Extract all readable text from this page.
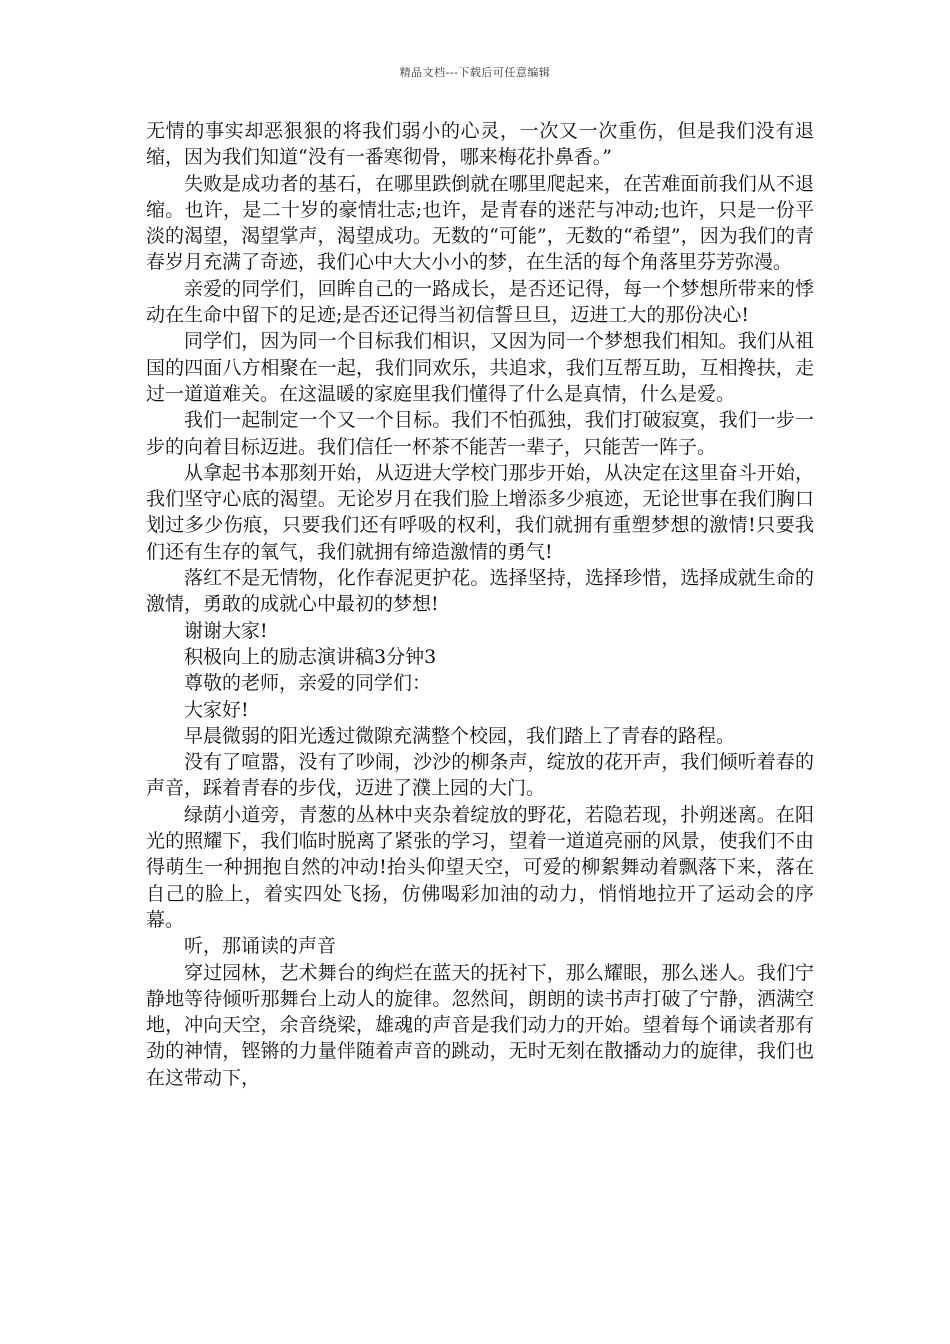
精品文档---下载后可任意编辑

无情的事实却恶狠狠的将我们弱小的心灵，一次又一次重伤，但是我们没有退缩，因为我们知道“没有一番寒彻骨，哪来梅花扑鼻香。”

失败是成功者的基石，在哪里跌倒就在哪里爬起来，在苦难面前我们从不退缩。也许，是二十岁的豪情壮志;也许，是青春的迷茫与冲动;也许，只是一份平淡的渴望，渴望掌声，渴望成功。无数的“可能”，无数的“希望”，因为我们的青春岁月充满了奇迹，我们心中大大小小的梦，在生活的每个角落里芬芳弥漫。

亲爱的同学们，回眸自己的一路成长，是否还记得，每一个梦想所带来的悸动在生命中留下的足迹;是否还记得当初信誓旦旦，迈进工大的那份决心!

同学们，因为同一个目标我们相识，又因为同一个梦想我们相知。我们从祖国的四面八方相聚在一起，我们同欢乐，共追求，我们互帮互助，互相搀扶，走过一道道难关。在这温暖的家庭里我们懂得了什么是真情，什么是爱。

我们一起制定一个又一个目标。我们不怕孤独，我们打破寂寞，我们一步一步的向着目标迈进。我们信任一杯茶不能苦一辈子，只能苦一阵子。

从拿起书本那刻开始，从迈进大学校门那步开始，从决定在这里奋斗开始，我们坚守心底的渴望。无论岁月在我们脸上增添多少痕迹，无论世事在我们胸口划过多少伤痕，只要我们还有呼吸的权利，我们就拥有重塑梦想的激情!只要我们还有生存的氧气，我们就拥有缔造激情的勇气!

落红不是无情物，化作春泥更护花。选择坚持，选择珍惜，选择成就生命的激情，勇敢的成就心中最初的梦想!

谢谢大家!

积极向上的励志演讲稿3分钟3

尊敬的老师，亲爱的同学们：

大家好!

早晨微弱的阳光透过微隙充满整个校园，我们踏上了青春的路程。

没有了喧嚣，没有了吵闹，沙沙的柳条声，绽放的花开声，我们倾听着春的声音，踩着青春的步伐，迈进了濮上园的大门。

绿荫小道旁，青葱的丛林中夹杂着绽放的野花，若隐若现，扑朔迷离。在阳光的照耀下，我们临时脱离了紧张的学习，望着一道道亮丽的风景，使我们不由得萌生一种拥抱自然的冲动!抬头仰望天空，可爱的柳絮舞动着飘落下来，落在自己的脸上，着实四处飞扬，仿佛喝彩加油的动力，悄悄地拉开了运动会的序幕。

听，那诵读的声音

穿过园林，艺术舞台的绚烂在蓝天的抚衬下，那么耀眼，那么迷人。我们宁静地等待倾听那舞台上动人的旋律。忽然间，朗朗的读书声打破了宁静，洒满空地，冲向天空，余音绕梁，雄魂的声音是我们动力的开始。望着每个诵读者那有劲的神情，铿锵的力量伴随着声音的跳动，无时无刻在散播动力的旋律，我们也在这带动下，
